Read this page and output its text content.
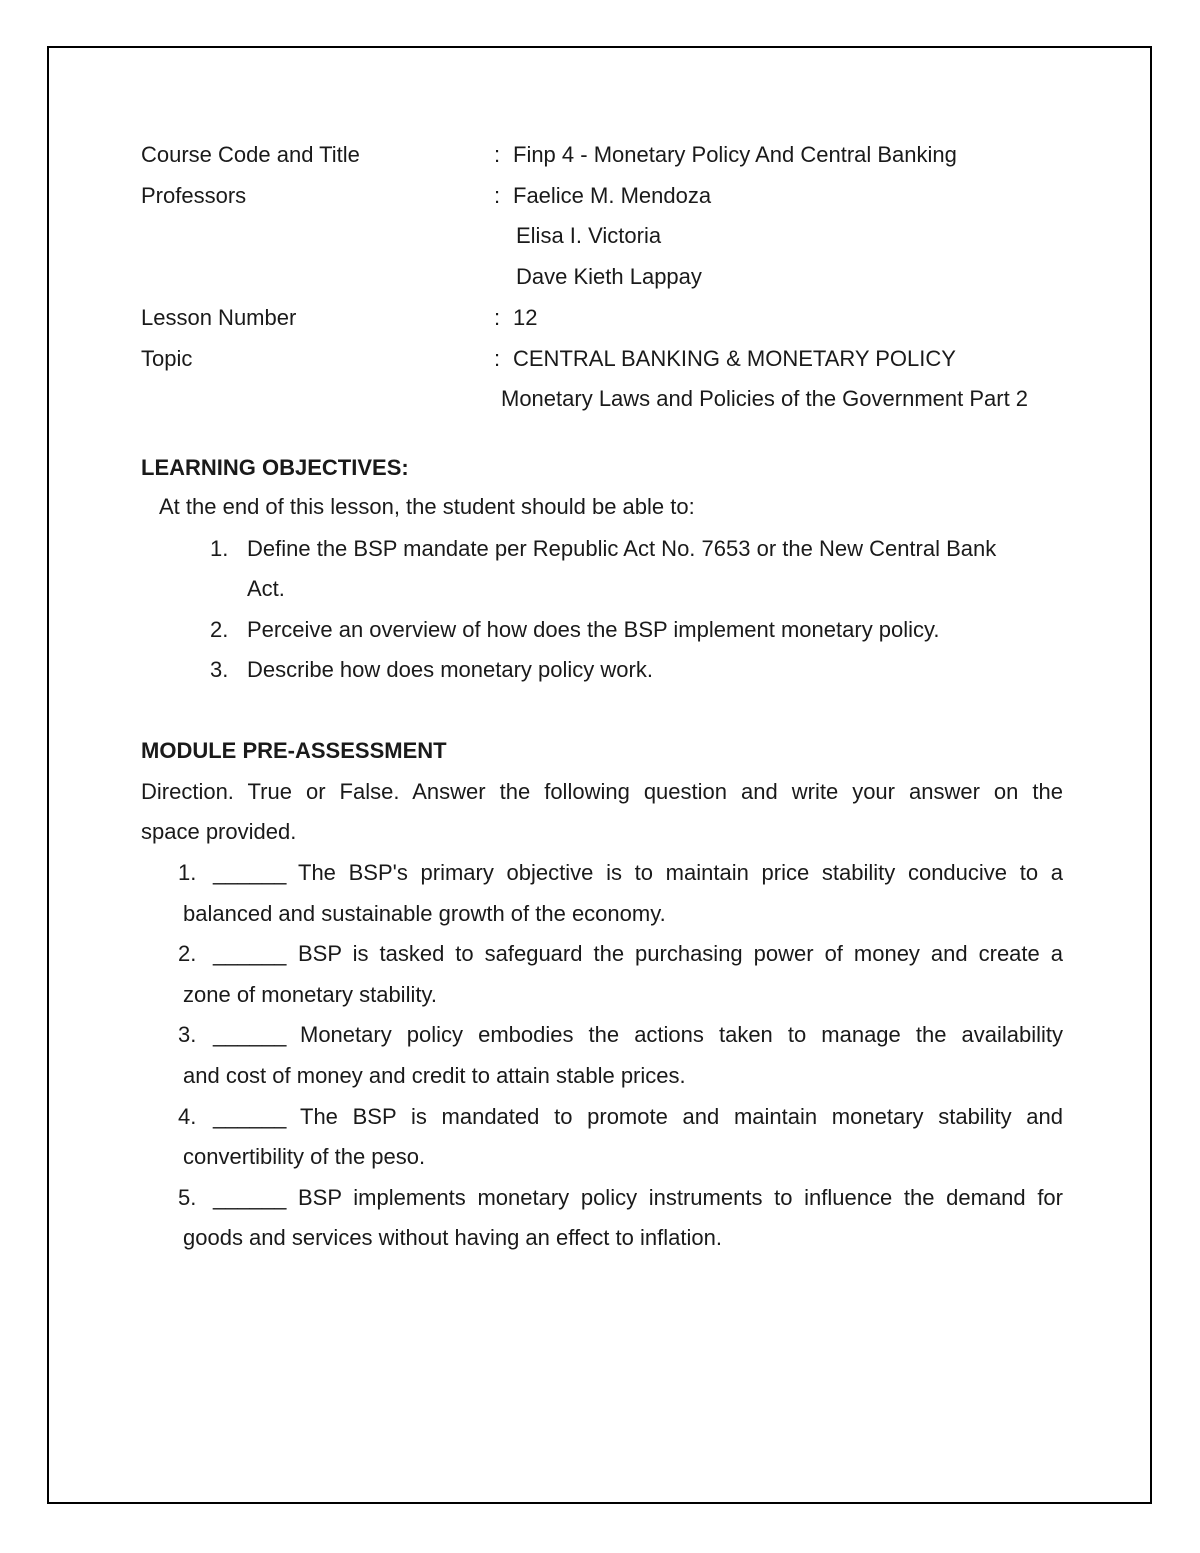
Course Code and Title	: Finp 4 - Monetary Policy And Central Banking
Professors	: Faelice M. Mendoza
Elisa I. Victoria
Dave Kieth Lappay
Lesson Number	: 12
Topic	: CENTRAL BANKING & MONETARY POLICY
Monetary Laws and Policies of the Government Part 2
LEARNING OBJECTIVES:
At the end of this lesson, the student should be able to:
1. Define the BSP mandate per Republic Act No. 7653 or the New Central Bank
Act.
2. Perceive an overview of how does the BSP implement monetary policy.
3. Describe how does monetary policy work.
MODULE PRE-ASSESSMENT
Direction. True or False. Answer the following question and write your answer on the
space provided.
1. ______ The BSP's primary objective is to maintain price stability conducive to a
balanced and sustainable growth of the economy.
2. ______ BSP is tasked to safeguard the purchasing power of money and create a
zone of monetary stability.
3. ______ Monetary policy embodies the actions taken to manage the availability
and cost of money and credit to attain stable prices.
4. ______ The BSP is mandated to promote and maintain monetary stability and
convertibility of the peso.
5. ______ BSP implements monetary policy instruments to influence the demand for
goods and services without having an effect to inflation.
